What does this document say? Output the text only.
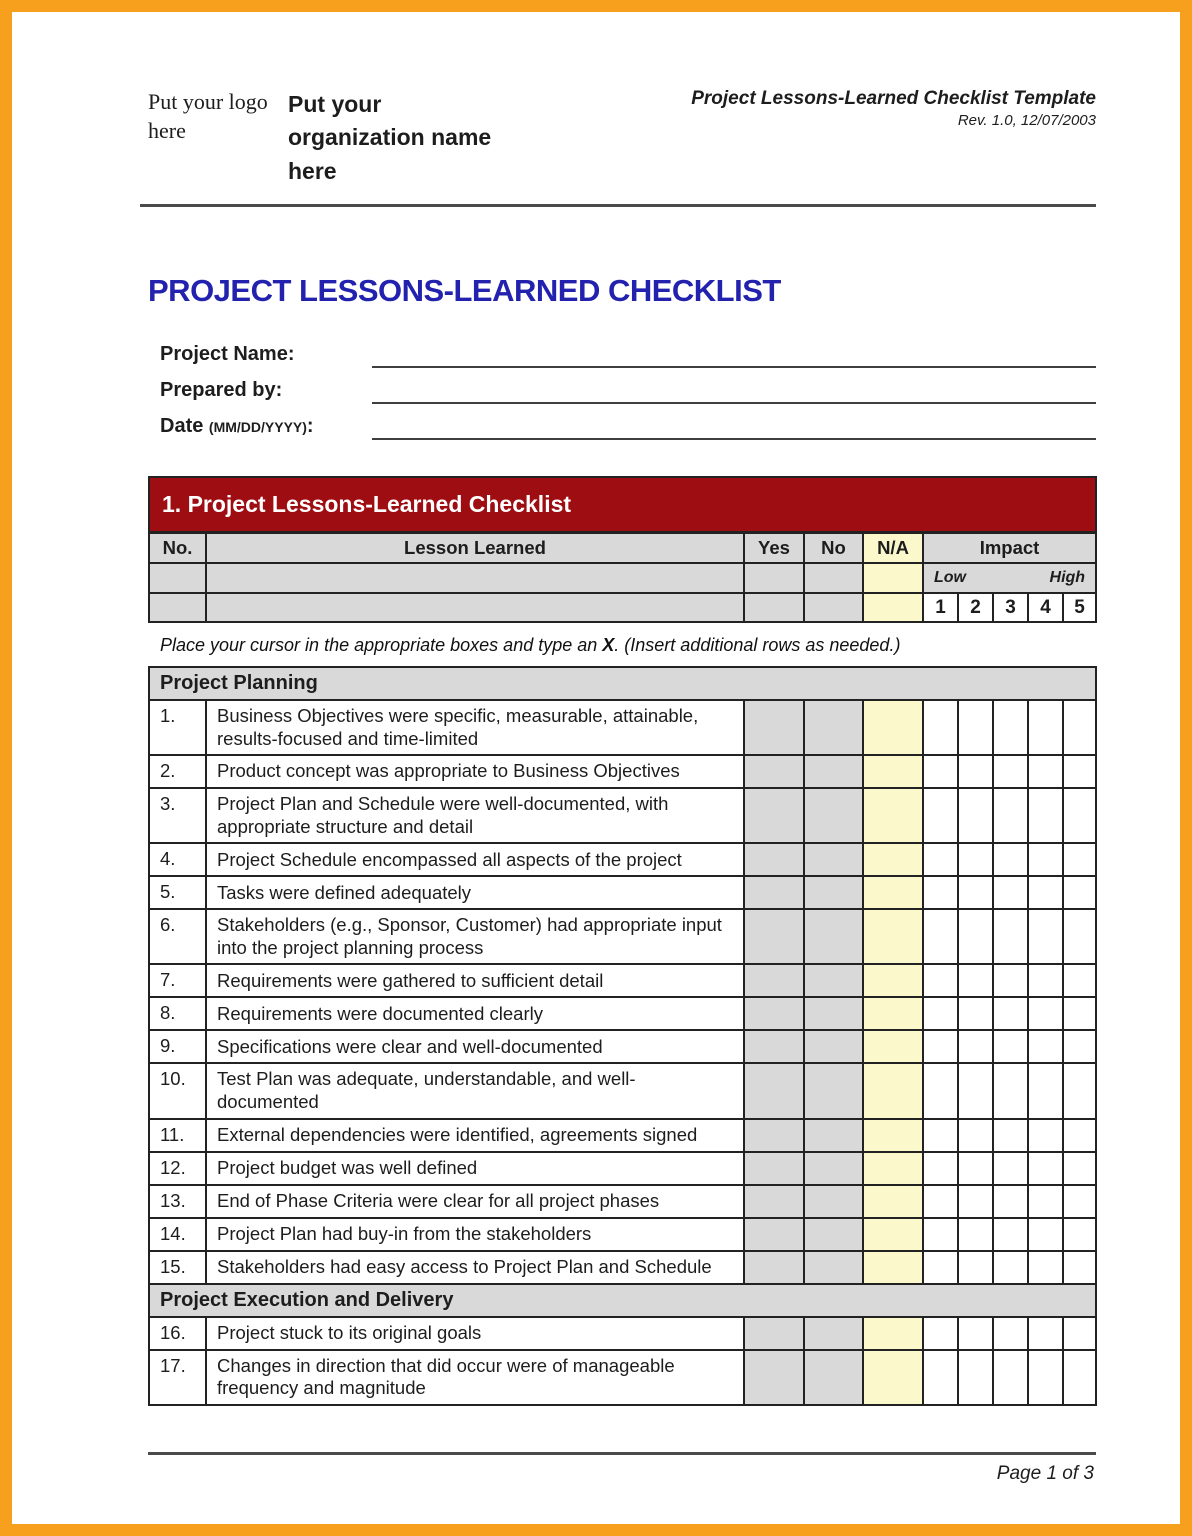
Put your logo here
Put your organization name here
Project Lessons-Learned Checklist Template
Rev. 1.0, 12/07/2003
PROJECT LESSONS-LEARNED CHECKLIST
Project Name:
Prepared by:
Date (MM/DD/YYYY):
1. Project Lessons-Learned Checklist									
No.	Lesson Learned	Yes	No	N/A	Impact				

					Low High				

					1	2	3	4	5
Place your cursor in the appropriate boxes and type an X. (Insert additional rows as needed.)
Project Planning									
1.	Business Objectives were specific, measurable, attainable, results-focused and time-limited								
2.	Product concept was appropriate to Business Objectives								
3.	Project Plan and Schedule were well-documented, with appropriate structure and detail								
4.	Project Schedule encompassed all aspects of the project								
5.	Tasks were defined adequately								
6.	Stakeholders (e.g., Sponsor, Customer) had appropriate input into the project planning process								
7.	Requirements were gathered to sufficient detail								
8.	Requirements were documented clearly								
9.	Specifications were clear and well-documented								
10.	Test Plan was adequate, understandable, and well-documented								
11.	External dependencies were identified, agreements signed								
12.	Project budget was well defined								
13.	End of Phase Criteria were clear for all project phases								
14.	Project Plan had buy-in from the stakeholders								
15.	Stakeholders had easy access to Project Plan and Schedule								
Project Execution and Delivery									
16.	Project stuck to its original goals								
17.	Changes in direction that did occur were of manageable frequency and magnitude								
Page 1 of 3
